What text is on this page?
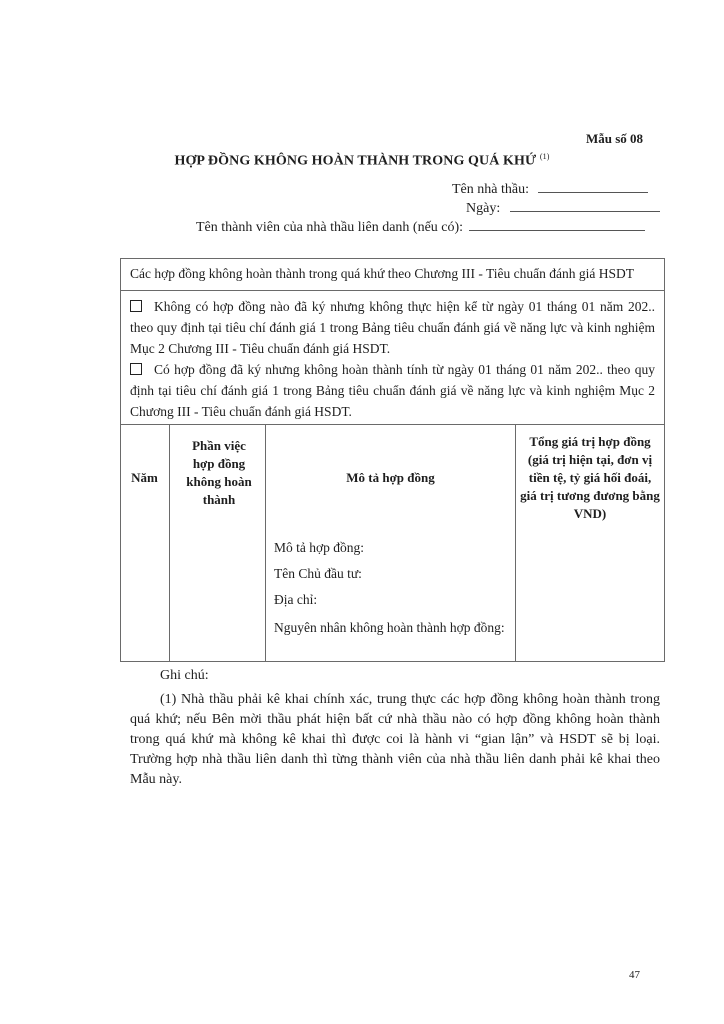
Mẫu số 08
HỢP ĐỒNG KHÔNG HOÀN THÀNH TRONG QUÁ KHỨ $^{(1)}$
Tên nhà thầu:
Ngày:
Tên thành viên của nhà thầu liên danh (nếu có):
Các hợp đồng không hoàn thành trong quá khứ theo Chương III - Tiêu chuẩn đánh giá HSDT
Không có hợp đồng nào đã ký nhưng không thực hiện kể từ ngày 01 tháng 01 năm 202.. theo quy định tại tiêu chí đánh giá 1 trong Bảng tiêu chuẩn đánh giá về năng lực và kinh nghiệm Mục 2 Chương III - Tiêu chuẩn đánh giá HSDT.
Có hợp đồng đã ký nhưng không hoàn thành tính từ ngày 01 tháng 01 năm 202.. theo quy định tại tiêu chí đánh giá 1 trong Bảng tiêu chuẩn đánh giá về năng lực và kinh nghiệm Mục 2 Chương III - Tiêu chuẩn đánh giá HSDT.
Năm
Phần việc hợp đồng không hoàn thành
Mô tả hợp đồng
Tổng giá trị hợp đồng (giá trị hiện tại, đơn vị tiền tệ, tỷ giá hối đoái, giá trị tương đương bằng VND)
Mô tả hợp đồng:
Tên Chủ đầu tư:
Địa chỉ:
Nguyên nhân không hoàn thành hợp đồng:
Ghi chú:
(1) Nhà thầu phải kê khai chính xác, trung thực các hợp đồng không hoàn thành trong quá khứ; nếu Bên mời thầu phát hiện bất cứ nhà thầu nào có hợp đồng không hoàn thành trong quá khứ mà không kê khai thì được coi là hành vi “gian lận” và HSDT sẽ bị loại. Trường hợp nhà thầu liên danh thì từng thành viên của nhà thầu liên danh phải kê khai theo Mẫu này.
47
